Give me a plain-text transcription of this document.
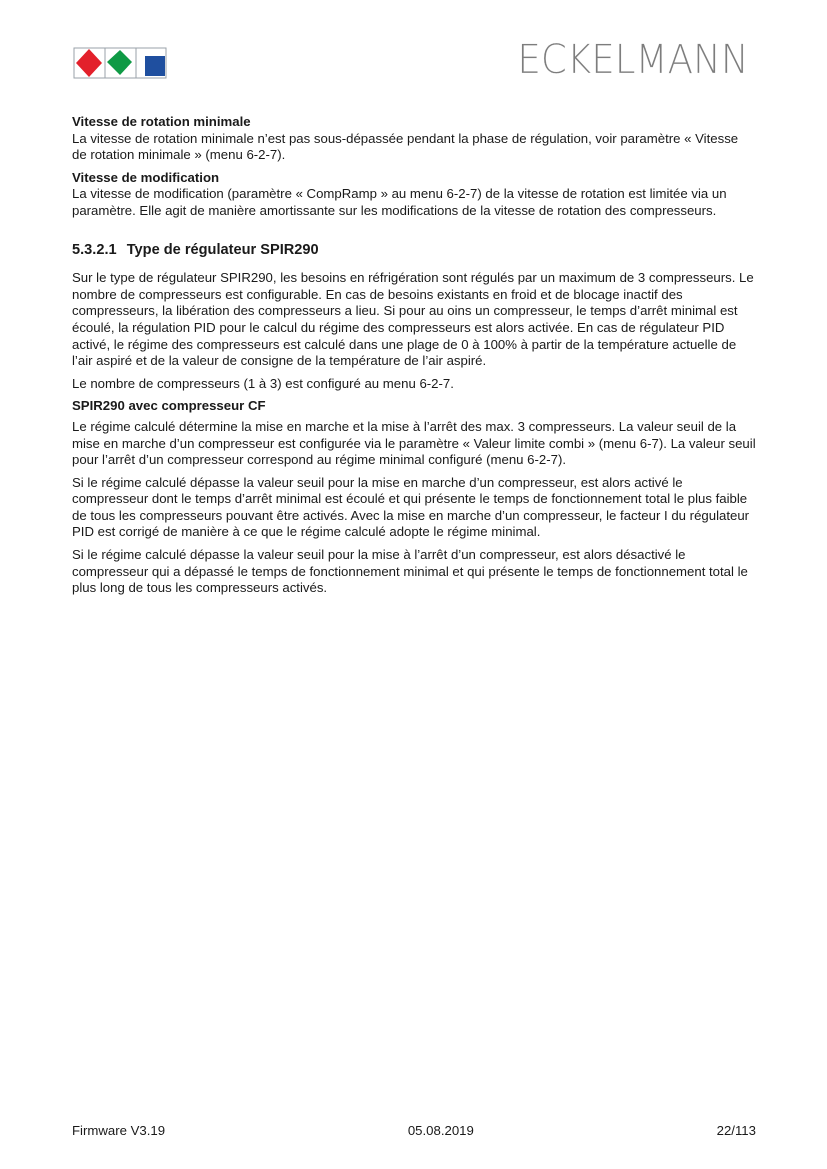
ECKELMANN
Vitesse de rotation minimale
La vitesse de rotation minimale n’est pas sous-dépassée pendant la phase de régulation, voir paramètre « Vitesse de rotation minimale » (menu 6-2-7).
Vitesse de modification
La vitesse de modification (paramètre « CompRamp » au menu 6-2-7) de la vitesse de rotation est limitée via un paramètre. Elle agit de manière amortissante sur les modifications de la vitesse de rotation des compresseurs.
5.3.2.1 Type de régulateur SPIR290

Sur le type de régulateur SPIR290, les besoins en réfrigération sont régulés par un maximum de 3 compresseurs. Le nombre de compresseurs est configurable. En cas de besoins existants en froid et de blocage inactif des compresseurs, la libération des compresseurs a lieu. Si pour au oins un compresseur, le temps d’arrêt minimal est écoulé, la régulation PID pour le calcul du régime des compresseurs est alors activée. En cas de régulateur PID activé, le régime des compresseurs est calculé dans une plage de 0 à 100% à partir de la température actuelle de l’air aspiré et de la valeur de consigne de la température de l’air aspiré.

Le nombre de compresseurs (1 à 3) est configuré au menu 6-2-7.

SPIR290 avec compresseur CF

Le régime calculé détermine la mise en marche et la mise à l’arrêt des max. 3 compresseurs. La valeur seuil de la mise en marche d’un compresseur est configurée via le paramètre « Valeur limite combi » (menu 6-7). La valeur seuil pour l’arrêt d’un compresseur correspond au régime minimal configuré (menu 6-2-7).

Si le régime calculé dépasse la valeur seuil pour la mise en marche d’un compresseur, est alors activé le compresseur dont le temps d’arrêt minimal est écoulé et qui présente le temps de fonctionnement total le plus faible de tous les compresseurs pouvant être activés. Avec la mise en marche d’un compresseur, le facteur I du régulateur PID est corrigé de manière à ce que le régime calculé adopte le régime minimal.

Si le régime calculé dépasse la valeur seuil pour la mise à l’arrêt d’un compresseur, est alors désactivé le compresseur qui a dépassé le temps de fonctionnement minimal et qui présente le temps de fonctionnement total le plus long de tous les compresseurs activés.

Firmware V3.19	05.08.2019	22/113
